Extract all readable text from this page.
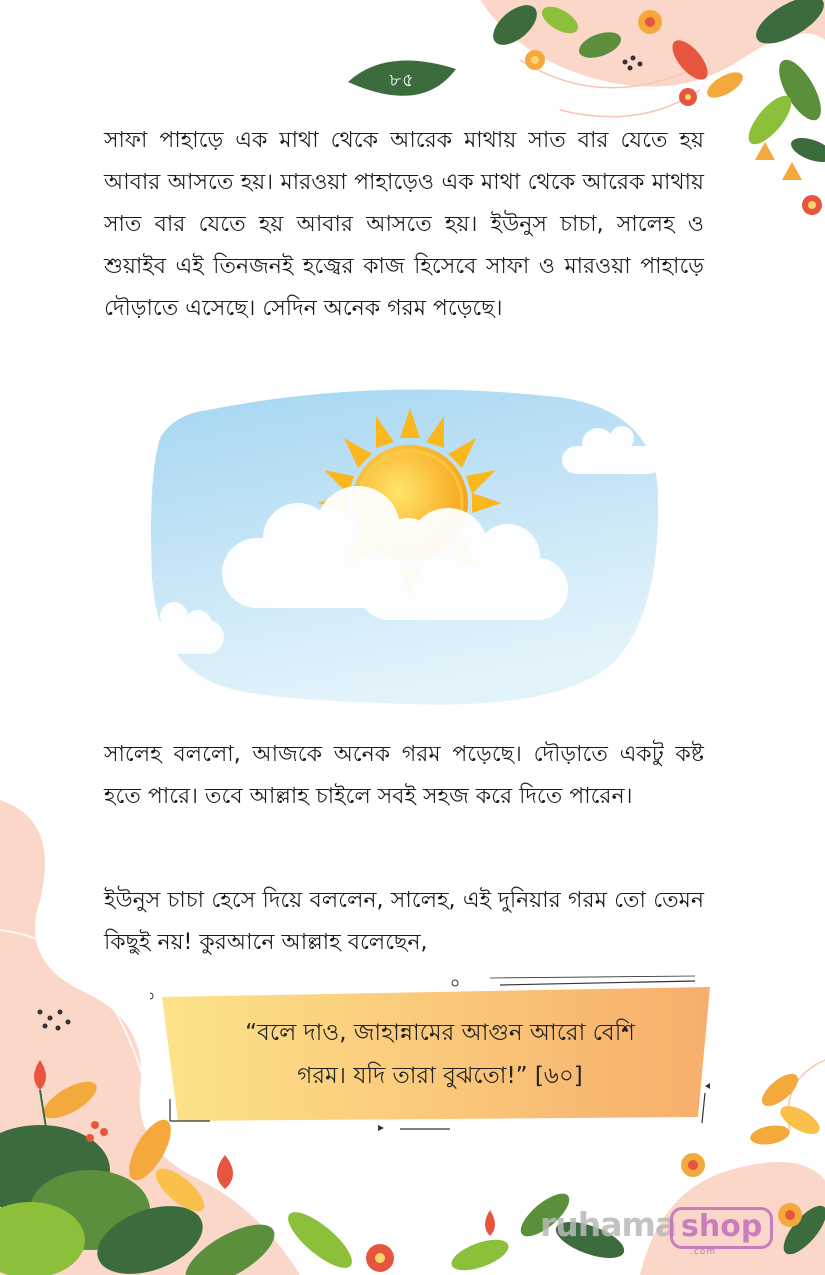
৮৫

সাফা পাহাড়ে এক মাথা থেকে আরেক মাথায় সাত বার যেতে হয় আবার আসতে হয়। মারওয়া পাহাড়েও এক মাথা থেকে আরেক মাথায় সাত বার যেতে হয় আবার আসতে হয়। ইউনুস চাচা, সালেহ ও শুয়াইব এই তিনজনই হজ্বের কাজ হিসেবে সাফা ও মারওয়া পাহাড়ে দৌড়াতে এসেছে। সেদিন অনেক গরম পড়েছে।

সালেহ বললো, আজকে অনেক গরম পড়েছে। দৌড়াতে একটু কষ্ট হতে পারে। তবে আল্লাহ চাইলে সবই সহজ করে দিতে পারেন।

ইউনুস চাচা হেসে দিয়ে বললেন, সালেহ, এই দুনিয়ার গরম তো তেমন কিছুই নয়! কুরআনে আল্লাহ বলেছেন,

“বলে দাও, জাহান্নামের আগুন আরো বেশি
গরম। যদি তারা বুঝতো!” [৬০]

ruhama shop
.com
